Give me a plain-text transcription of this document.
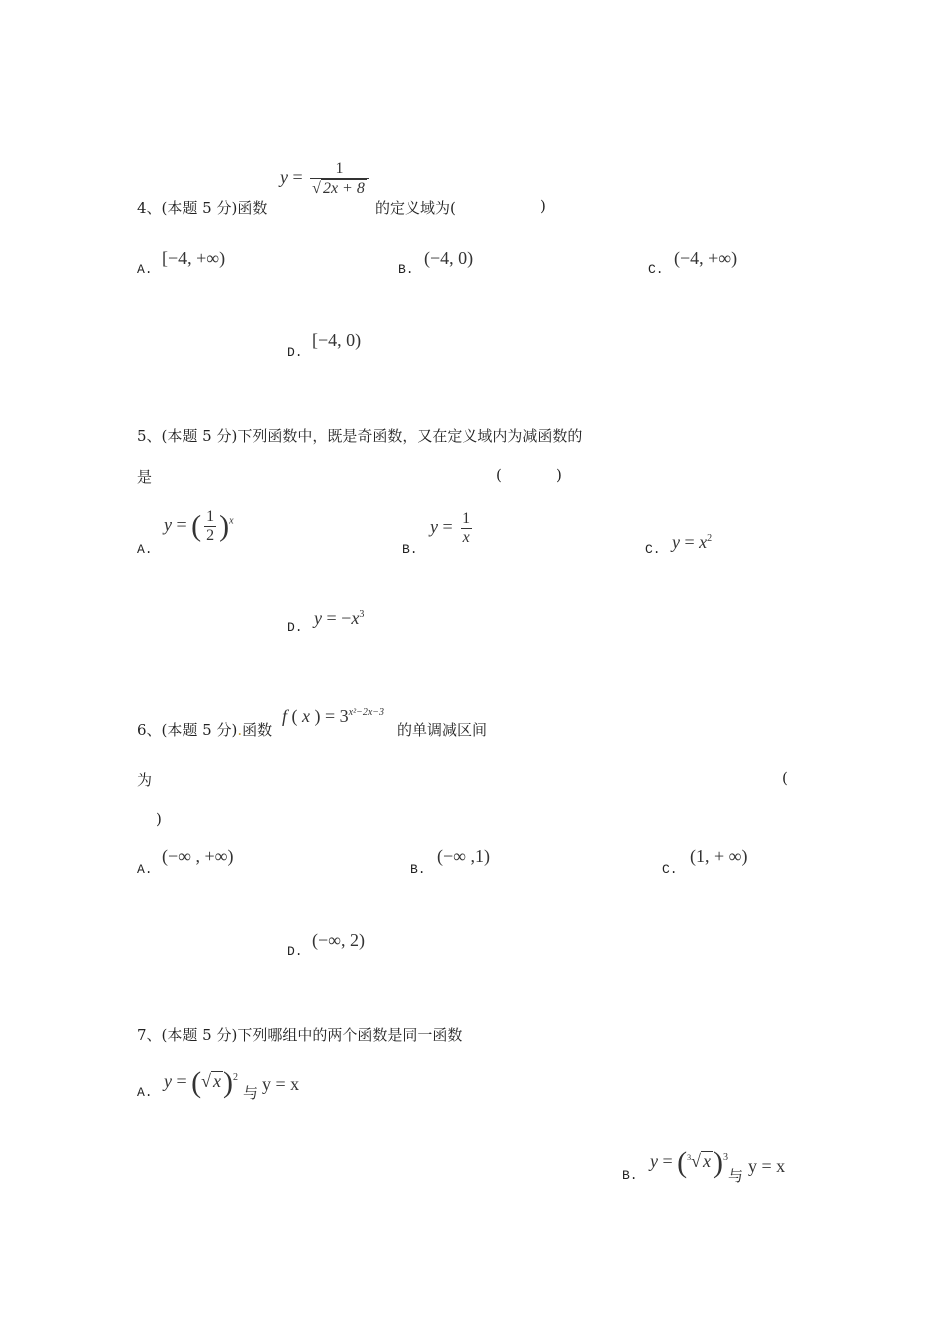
4、(本题 5 分)函数
$y = \frac{1}{√ 2x + 8}$
的定义域为(	)
A.
[−4, +∞)
B.
(−4, 0)
C.
(−4, +∞)
D.
[−4, 0)
5、(本题 5 分)下列函数中，既是奇函数，又在定义域内为减函数的
是	(	)
A.
y = ( $\frac{1}{2} )^x$
B.
$y = \frac{1}{x}$
C. $y = x^2$
D. $y = -x^3$
6、(本题 5 分).函数
f ( x ) = $3^{x^2-2x-3}$
的单调减区间
为	(
)
A.
(−∞ , +∞)
B.
(−∞ ,1)
C.
(1, + ∞)
D.
(−∞, 2)
7、(本题 5 分)下列哪组中的两个函数是同一函数
A.
y = (√ x)$^2$
与 y = x
B.
y = ($^3$√ x)$^3$
与 y = x
